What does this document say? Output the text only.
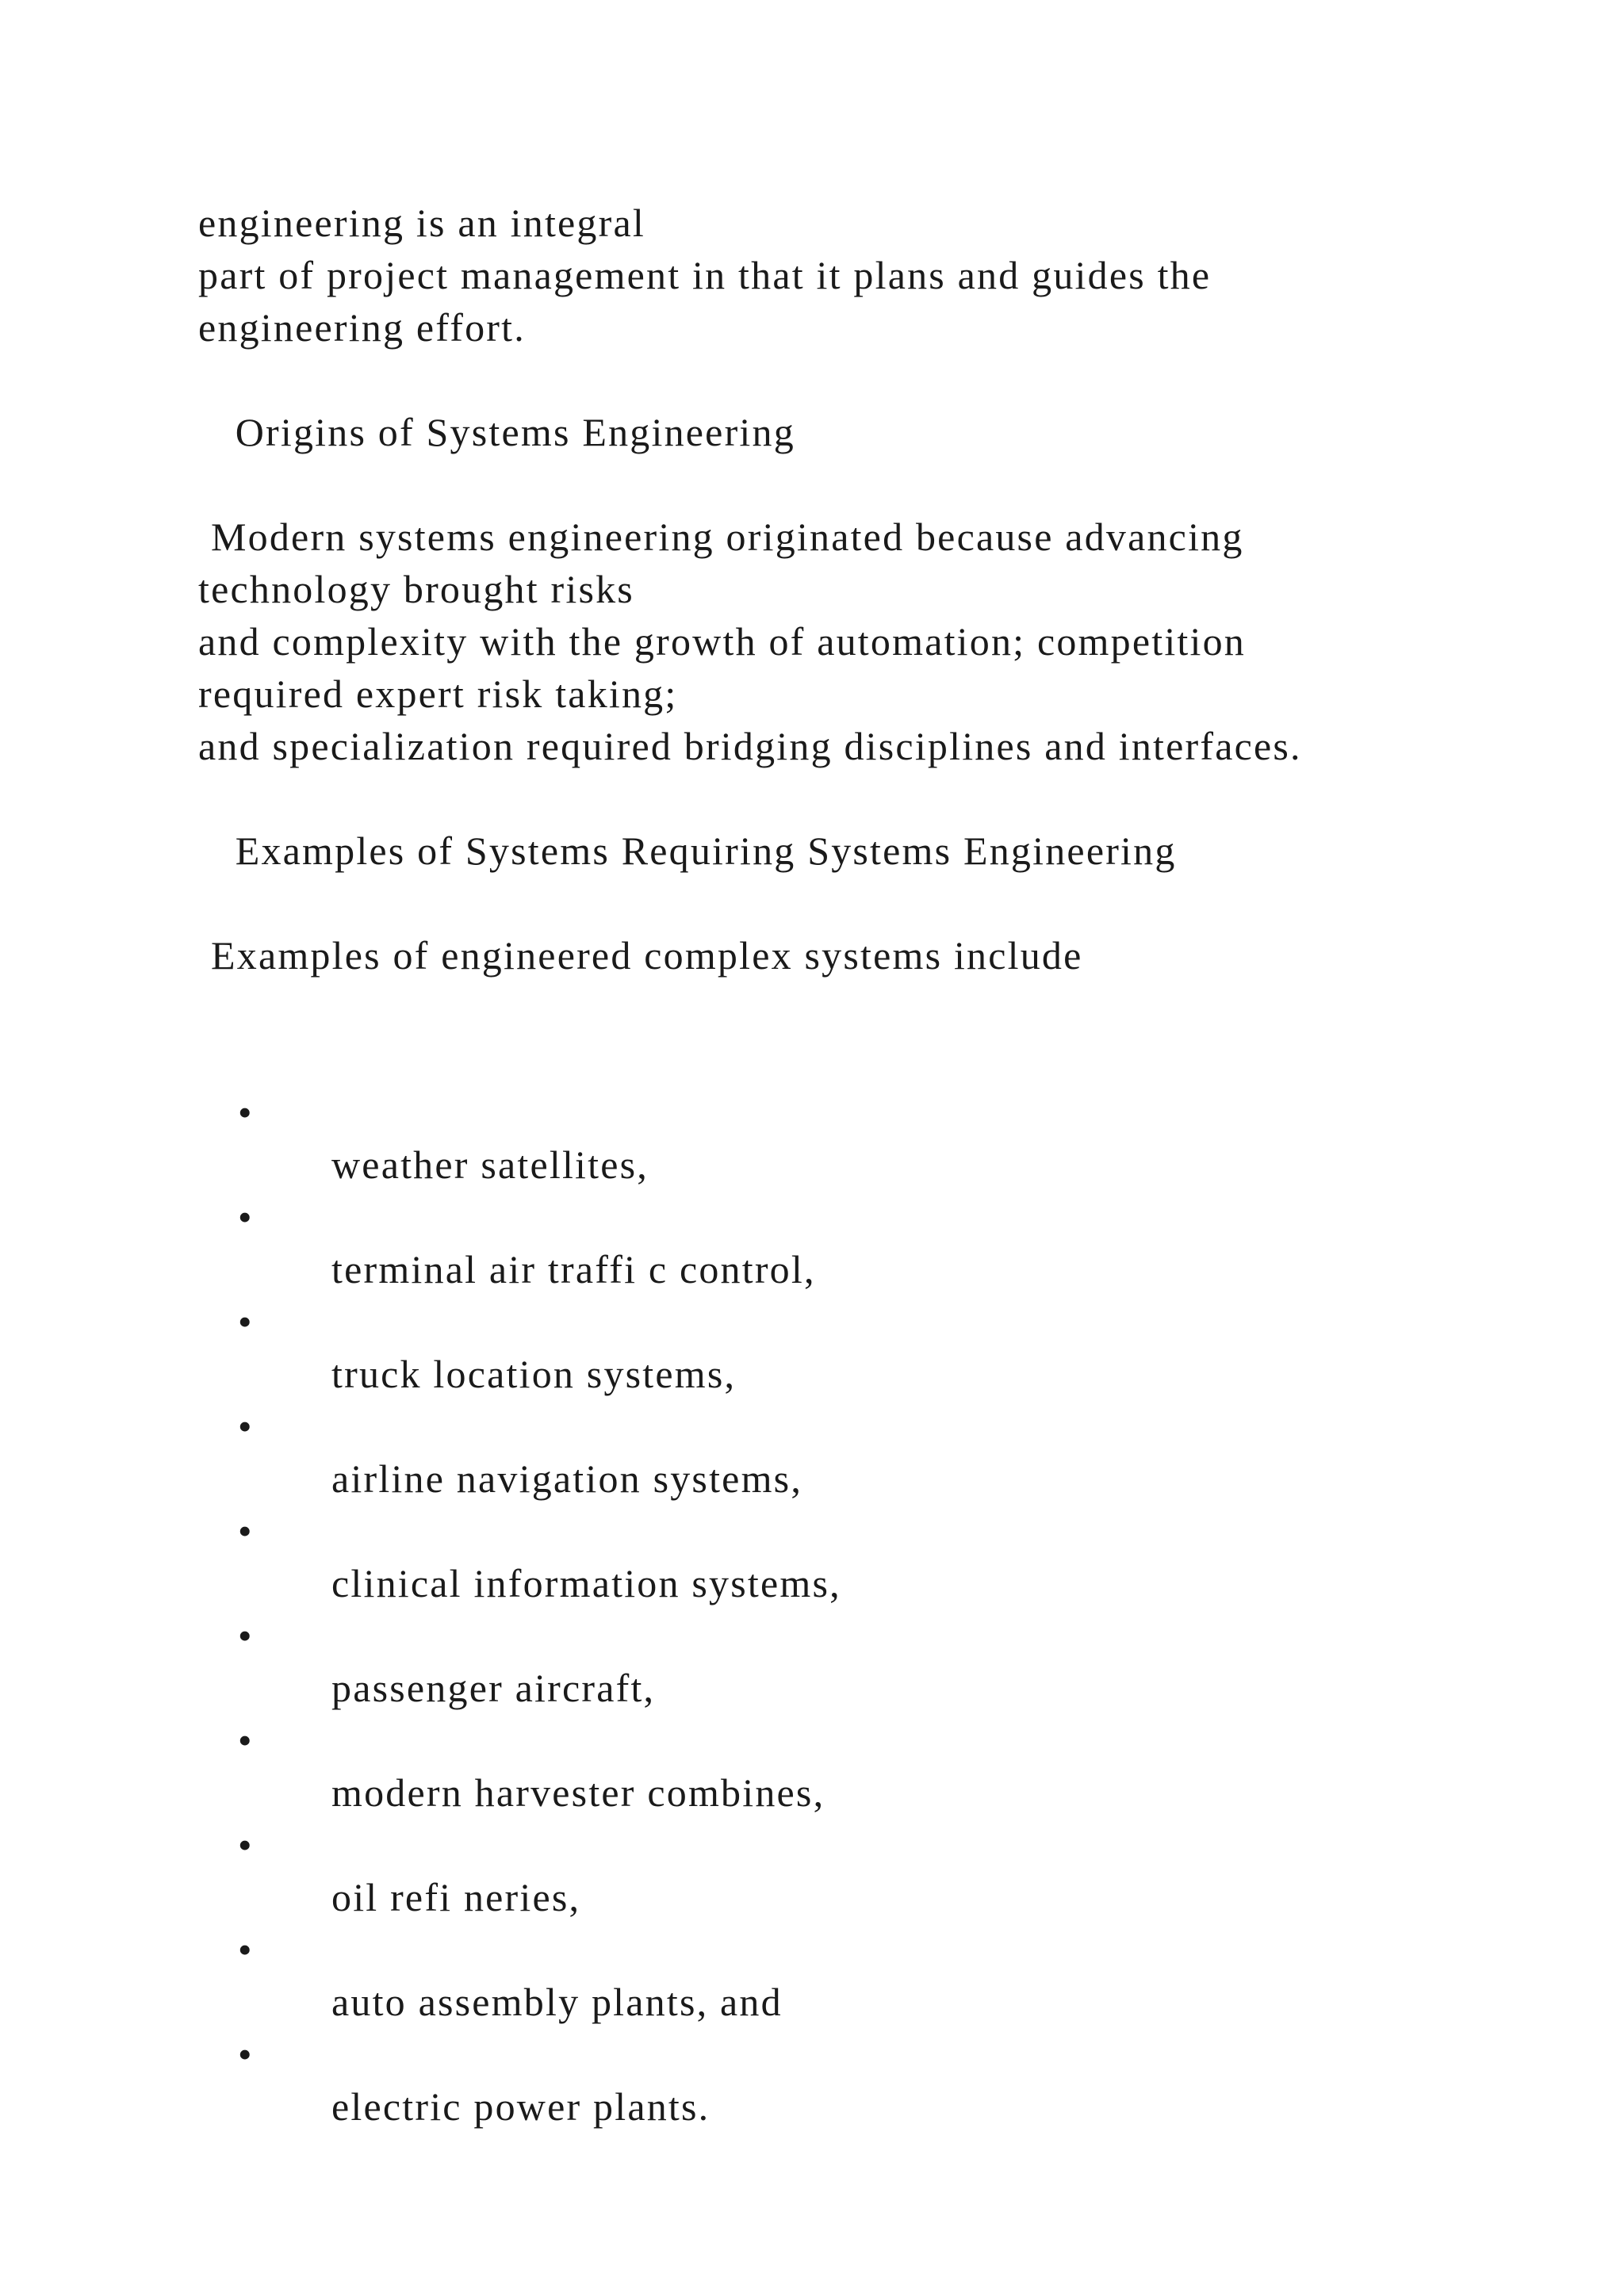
engineering is an integral
part of project management in that it plans and guides the
engineering effort.
Origins of Systems Engineering
Modern systems engineering originated because advancing
technology brought risks
and complexity with the growth of automation; competition
required expert risk taking;
and specialization required bridging disciplines and interfaces.
Examples of Systems Requiring Systems Engineering
Examples of engineered complex systems include

•

weather satellites,

•

terminal air traffi c control,

•

truck location systems,

•

airline navigation systems,

•

clinical information systems,

•

passenger aircraft,

•

modern harvester combines,

•

oil refi neries,

•

auto assembly plants, and

•

electric power plants.
